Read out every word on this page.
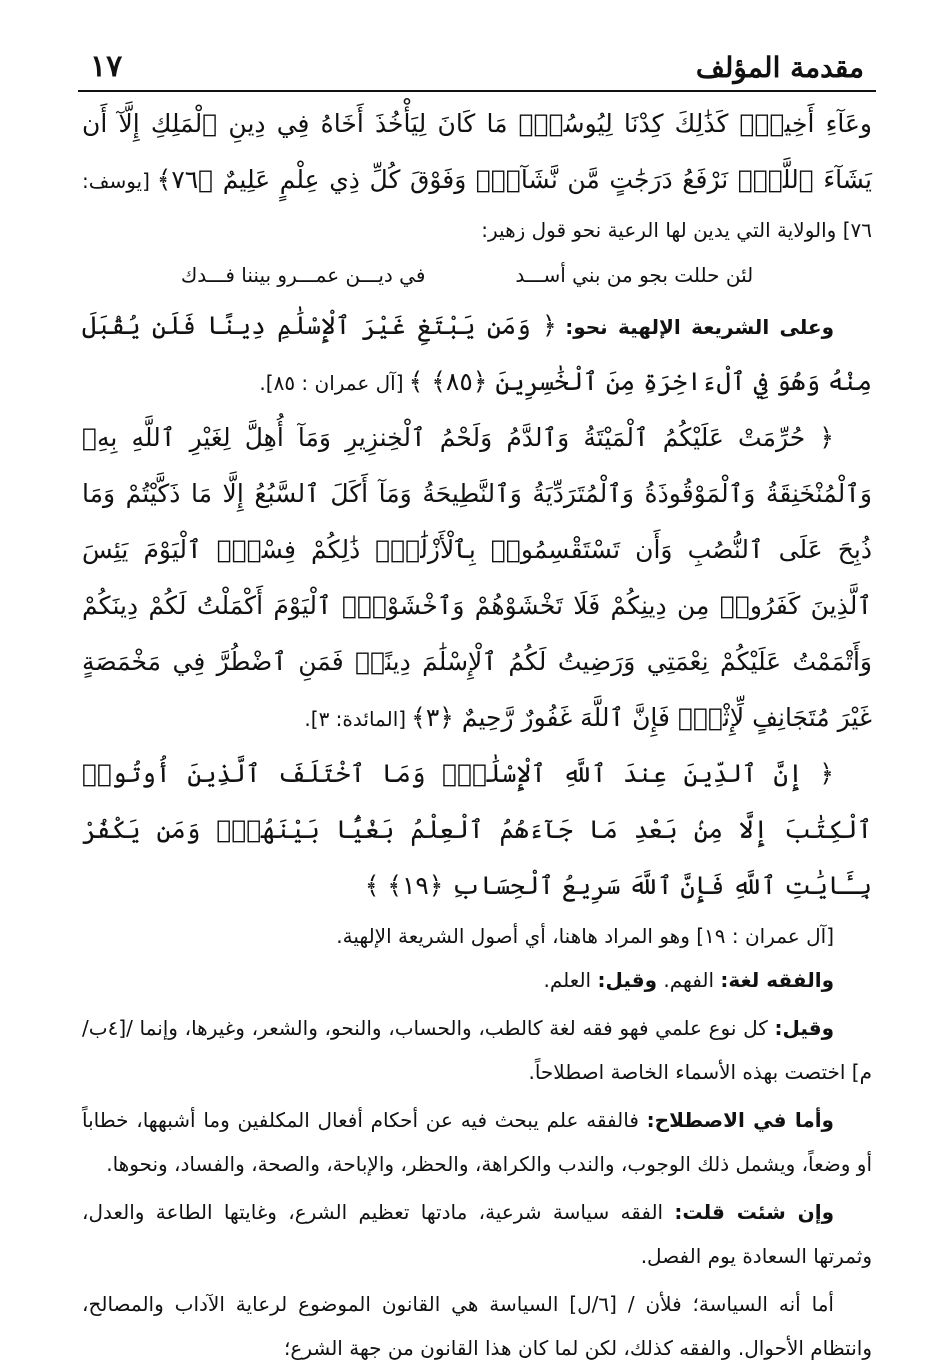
مقدمة المؤلف
١٧

وعَآءِ أَخِيهِۚ كَذَٰلِكَ كِدْنَا لِيُوسُفَۖ مَا كَانَ لِيَأْخُذَ أَخَاهُ فِي دِينِ ٱلْمَلِكِ إِلَّآ أَن يَشَآءَ ٱللَّهُۚ نَرْفَعُ دَرَجَٰتٍ مَّن نَّشَآءُۗ وَفَوْقَ كُلِّ ذِي عِلْمٍ عَلِيمٌ ﴿٧٦﴾ [يوسف: ٧٦] والولاية التي يدين لها الرعية نحو قول زهير:

لئن حللت بجو من بني أســـد
في ديـــن عمـــرو بيننا فـــدك

وعلى الشريعة الإلهية نحو: ﴿ وَمَن يَبْتَغِ غَيْرَ ٱلْإِسْلَٰمِ دِينًا فَلَن يُقْبَلَ مِنْهُ وَهُوَ فِي ٱلْءَاخِرَةِ مِنَ ٱلْخَٰسِرِينَ ﴿٨٥﴾ ﴾ [آل عمران : ٨٥].

﴿ حُرِّمَتْ عَلَيْكُمُ ٱلْمَيْتَةُ وَٱلدَّمُ وَلَحْمُ ٱلْخِنزِيرِ وَمَآ أُهِلَّ لِغَيْرِ ٱللَّهِ بِهِۦ وَٱلْمُنْخَنِقَةُ وَٱلْمَوْقُوذَةُ وَٱلْمُتَرَدِّيَةُ وَٱلنَّطِيحَةُ وَمَآ أَكَلَ ٱلسَّبُعُ إِلَّا مَا ذَكَّيْتُمْ وَمَا ذُبِحَ عَلَى ٱلنُّصُبِ وَأَن تَسْتَقْسِمُوا۟ بِٱلْأَزْلَٰمِۚ ذَٰلِكُمْ فِسْقٌۗ ٱلْيَوْمَ يَئِسَ ٱلَّذِينَ كَفَرُوا۟ مِن دِينِكُمْ فَلَا تَخْشَوْهُمْ وَٱخْشَوْنِۚ ٱلْيَوْمَ أَكْمَلْتُ لَكُمْ دِينَكُمْ وَأَتْمَمْتُ عَلَيْكُمْ نِعْمَتِي وَرَضِيتُ لَكُمُ ٱلْإِسْلَٰمَ دِينًاۚ فَمَنِ ٱضْطُرَّ فِي مَخْمَصَةٍ غَيْرَ مُتَجَانِفٍ لِّإِثْمٍۙ فَإِنَّ ٱللَّهَ غَفُورٌ رَّحِيمٌ ﴿٣﴾ [المائدة: ٣].

﴿ إِنَّ ٱلدِّينَ عِندَ ٱللَّهِ ٱلْإِسْلَٰمُۗ وَمَا ٱخْتَلَفَ ٱلَّذِينَ أُوتُوا۟ ٱلْكِتَٰبَ إِلَّا مِنۢ بَعْدِ مَا جَآءَهُمُ ٱلْعِلْمُ بَغْيًۢا بَيْنَهُمْۗ وَمَن يَكْفُرْ بِـَٔايَٰتِ ٱللَّهِ فَإِنَّ ٱللَّهَ سَرِيعُ ٱلْحِسَابِ ﴿١٩﴾ ﴾

[آل عمران : ١٩] وهو المراد هاهنا، أي أصول الشريعة الإلهية.

والفقه لغة: الفهم. وقيل: العلم.

وقيل: كل نوع علمي فهو فقه لغة كالطب، والحساب، والنحو، والشعر، وغيرها، وإنما /[٤ب/م] اختصت بهذه الأسماء الخاصة اصطلاحاً.

وأما في الاصطلاح: فالفقه علم يبحث فيه عن أحكام أفعال المكلفين وما أشبهها، خطاباً أو وضعاً، ويشمل ذلك الوجوب، والندب والكراهة، والحظر، والإباحة، والصحة، والفساد، ونحوها.

وإن شئت قلت: الفقه سياسة شرعية، مادتها تعظيم الشرع، وغايتها الطاعة والعدل، وثمرتها السعادة يوم الفصل.

أما أنه السياسة؛ فلأن / [٦/ل] السياسة هي القانون الموضوع لرعاية الآداب والمصالح، وانتظام الأحوال. والفقه كذلك، لكن لما كان هذا القانون من جهة الشرع؛
